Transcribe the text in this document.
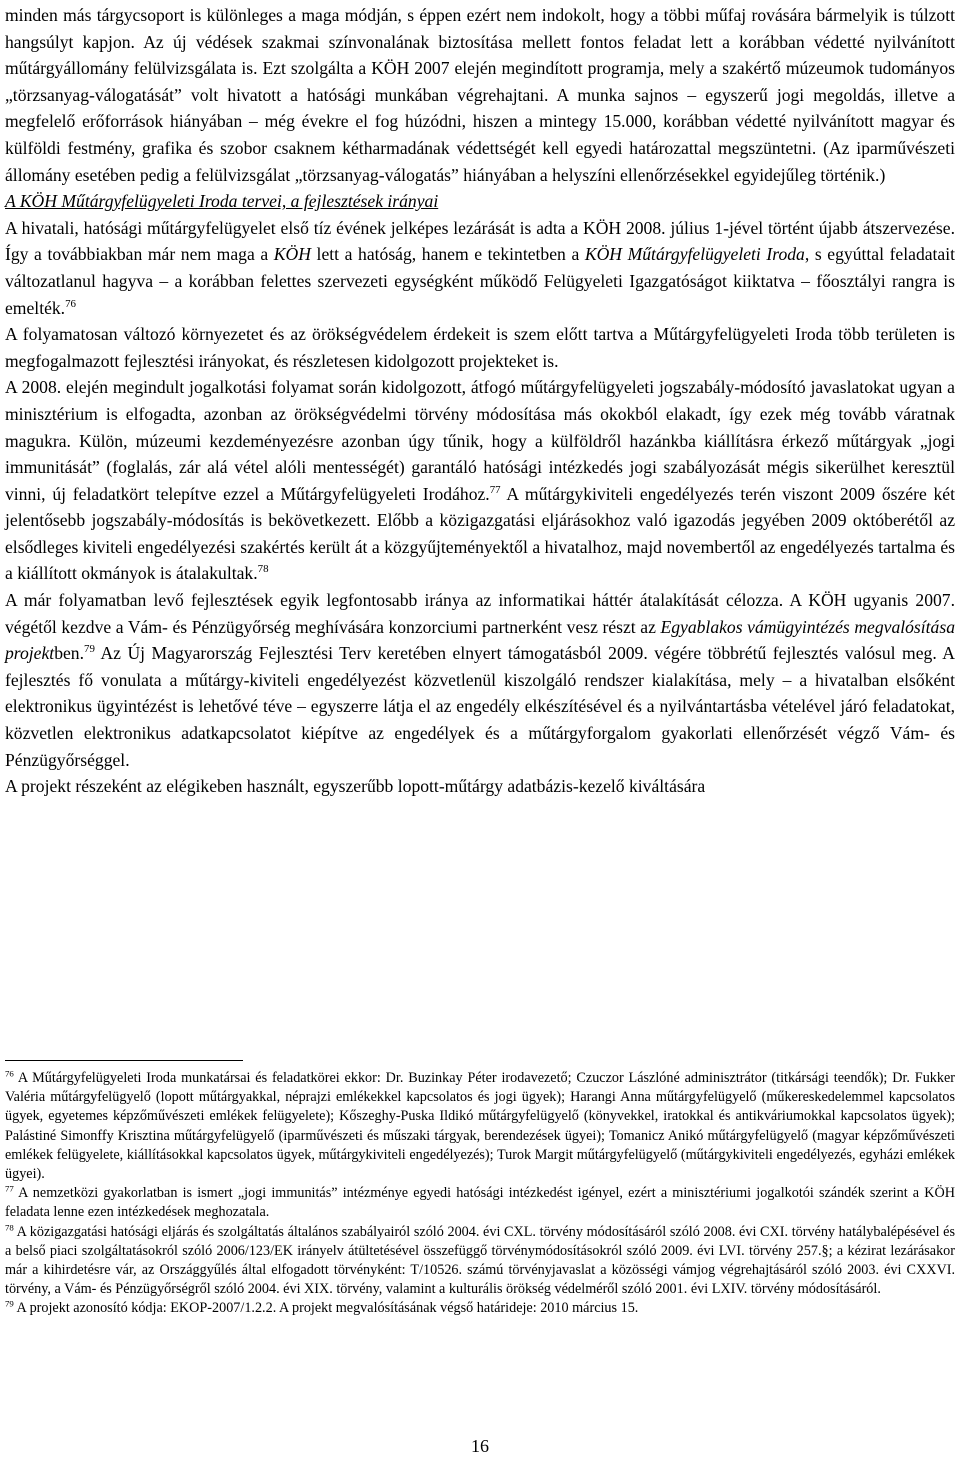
minden más tárgycsoport is különleges a maga módján, s éppen ezért nem indokolt, hogy a többi műfaj rovására bármelyik is túlzott hangsúlyt kapjon. Az új védések szakmai színvonalának biztosítása mellett fontos feladat lett a korábban védetté nyilvánított műtárgyállomány felülvizsgálata is. Ezt szolgálta a KÖH 2007 elején megindított programja, mely a szakértő múzeumok tudományos „törzsanyag-válogatását” volt hivatott a hatósági munkában végrehajtani. A munka sajnos – egyszerű jogi megoldás, illetve a megfelelő erőforrások hiányában – még évekre el fog húzódni, hiszen a mintegy 15.000, korábban védetté nyilvánított magyar és külföldi festmény, grafika és szobor csaknem kétharmadának védettségét kell egyedi határozattal megszüntetni. (Az iparművészeti állomány esetében pedig a felülvizsgálat „törzsanyag-válogatás” hiányában a helyszíni ellenőrzésekkel egyidejűleg történik.)

A KÖH Műtárgyfelügyeleti Iroda tervei, a fejlesztések irányai

A hivatali, hatósági műtárgyfelügyelet első tíz évének jelképes lezárását is adta a KÖH 2008. július 1-jével történt újabb átszervezése. Így a továbbiakban már nem maga a KÖH lett a hatóság, hanem e tekintetben a KÖH Műtárgyfelügyeleti Iroda, s egyúttal feladatait változatlanul hagyva – a korábban felettes szervezeti egységként működő Felügyeleti Igazgatóságot kiiktatva – főosztályi rangra is emelték.$^{76}$

A folyamatosan változó környezetet és az örökségvédelem érdekeit is szem előtt tartva a Műtárgyfelügyeleti Iroda több területen is megfogalmazott fejlesztési irányokat, és részletesen kidolgozott projekteket is.

A 2008. elején megindult jogalkotási folyamat során kidolgozott, átfogó műtárgyfelügyeleti jogszabály-módosító javaslatokat ugyan a minisztérium is elfogadta, azonban az örökségvédelmi törvény módosítása más okokból elakadt, így ezek még tovább váratnak magukra. Külön, múzeumi kezdeményezésre azonban úgy tűnik, hogy a külföldről hazánkba kiállításra érkező műtárgyak „jogi immunitását” (foglalás, zár alá vétel alóli mentességét) garantáló hatósági intézkedés jogi szabályozását mégis sikerülhet keresztül vinni, új feladatkört telepítve ezzel a Műtárgyfelügyeleti Irodához.$^{77}$ A műtárgykiviteli engedélyezés terén viszont 2009 őszére két jelentősebb jogszabály-módosítás is bekövetkezett. Előbb a közigazgatási eljárásokhoz való igazodás jegyében 2009 októberétől az elsődleges kiviteli engedélyezési szakértés került át a közgyűjteményektől a hivatalhoz, majd novembertől az engedélyezés tartalma és a kiállított okmányok is átalakultak.$^{78}$

A már folyamatban levő fejlesztések egyik legfontosabb iránya az informatikai háttér átalakítását célozza. A KÖH ugyanis 2007. végétől kezdve a Vám- és Pénzügyőrség meghívására konzorciumi partnerként vesz részt az Egyablakos vámügyintézés megvalósítása projektben.$^{79}$ Az Új Magyarország Fejlesztési Terv keretében elnyert támogatásból 2009. végére többrétű fejlesztés valósul meg. A fejlesztés fő vonulata a műtárgy-kiviteli engedélyezést közvetlenül kiszolgáló rendszer kialakítása, mely – a hivatalban elsőként elektronikus ügyintézést is lehetővé téve – egyszerre látja el az engedély elkészítésével és a nyilvántartásba vételével járó feladatokat, közvetlen elektronikus adatkapcsolatot kiépítve az engedélyek és a műtárgyforgalom gyakorlati ellenőrzését végző Vám- és Pénzügyőrséggel.

A projekt részeként az elégikeben használt, egyszerűbb lopott-műtárgy adatbázis-kezelő kiváltására

$^{76}$ A Műtárgyfelügyeleti Iroda munkatársai és feladatkörei ekkor: Dr. Buzinkay Péter irodavezető; Czuczor Lászlóné adminisztrátor (titkársági teendők); Dr. Fukker Valéria műtárgyfelügyelő (lopott műtárgyakkal, néprajzi emlékekkel kapcsolatos és jogi ügyek); Harangi Anna műtárgyfelügyelő (műkereskedelemmel kapcsolatos ügyek, egyetemes képzőművészeti emlékek felügyelete); Kőszeghy-Puska Ildikó műtárgyfelügyelő (könyvekkel, iratokkal és antikváriumokkal kapcsolatos ügyek); Palástiné Simonffy Krisztina műtárgyfelügyelő (iparművészeti és műszaki tárgyak, berendezések ügyei); Tomanicz Anikó műtárgyfelügyelő (magyar képzőművészeti emlékek felügyelete, kiállításokkal kapcsolatos ügyek, műtárgykiviteli engedélyezés); Turok Margit műtárgyfelügyelő (műtárgykiviteli engedélyezés, egyházi emlékek ügyei).

$^{77}$ A nemzetközi gyakorlatban is ismert „jogi immunitás” intézménye egyedi hatósági intézkedést igényel, ezért a minisztériumi jogalkotói szándék szerint a KÖH feladata lenne ezen intézkedések meghozatala.

$^{78}$ A közigazgatási hatósági eljárás és szolgáltatás általános szabályairól szóló 2004. évi CXL. törvény módosításáról szóló 2008. évi CXI. törvény hatálybalépésével és a belső piaci szolgáltatásokról szóló 2006/123/EK irányelv átültetésével összefüggő törvénymódosításokról szóló 2009. évi LVI. törvény 257.§; a kézirat lezárásakor már a kihirdetésre vár, az Országgyűlés által elfogadott törvényként: T/10526. számú törvényjavaslat a közösségi vámjog végrehajtásáról szóló 2003. évi CXXVI. törvény, a Vám- és Pénzügyőrségről szóló 2004. évi XIX. törvény, valamint a kulturális örökség védelméről szóló 2001. évi LXIV. törvény módosításáról.

$^{79}$ A projekt azonosító kódja: EKOP-2007/1.2.2. A projekt megvalósításának végső határideje: 2010 március 15.

16
